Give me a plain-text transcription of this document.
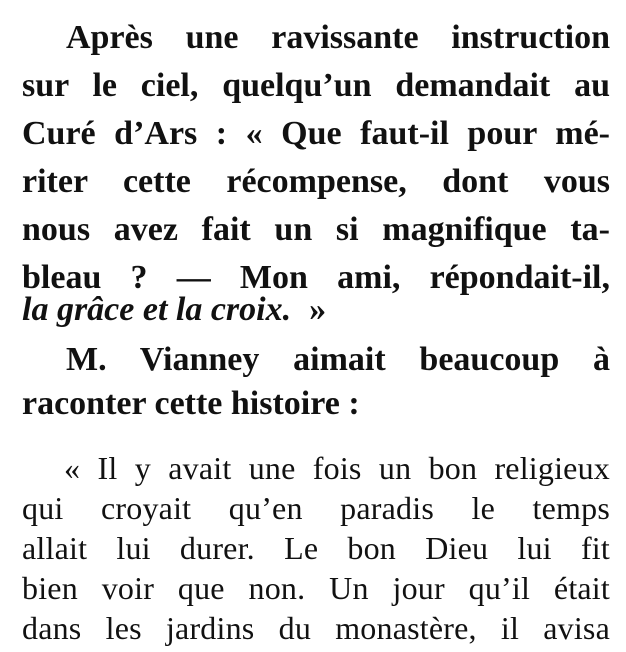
Après une ravissante instruction
sur le ciel, quelqu’un demandait au
Curé d’Ars : « Que faut-il pour mé-
riter cette récompense, dont vous
nous avez fait un si magnifique ta-
bleau ? — Mon ami, répondait-il,
la grâce et la croix. »
M. Vianney aimait beaucoup à
raconter cette histoire :
« Il y avait une fois un bon religieux
qui croyait qu’en paradis le temps
allait lui durer. Le bon Dieu lui fit
bien voir que non. Un jour qu’il était
dans les jardins du monastère, il avisa
